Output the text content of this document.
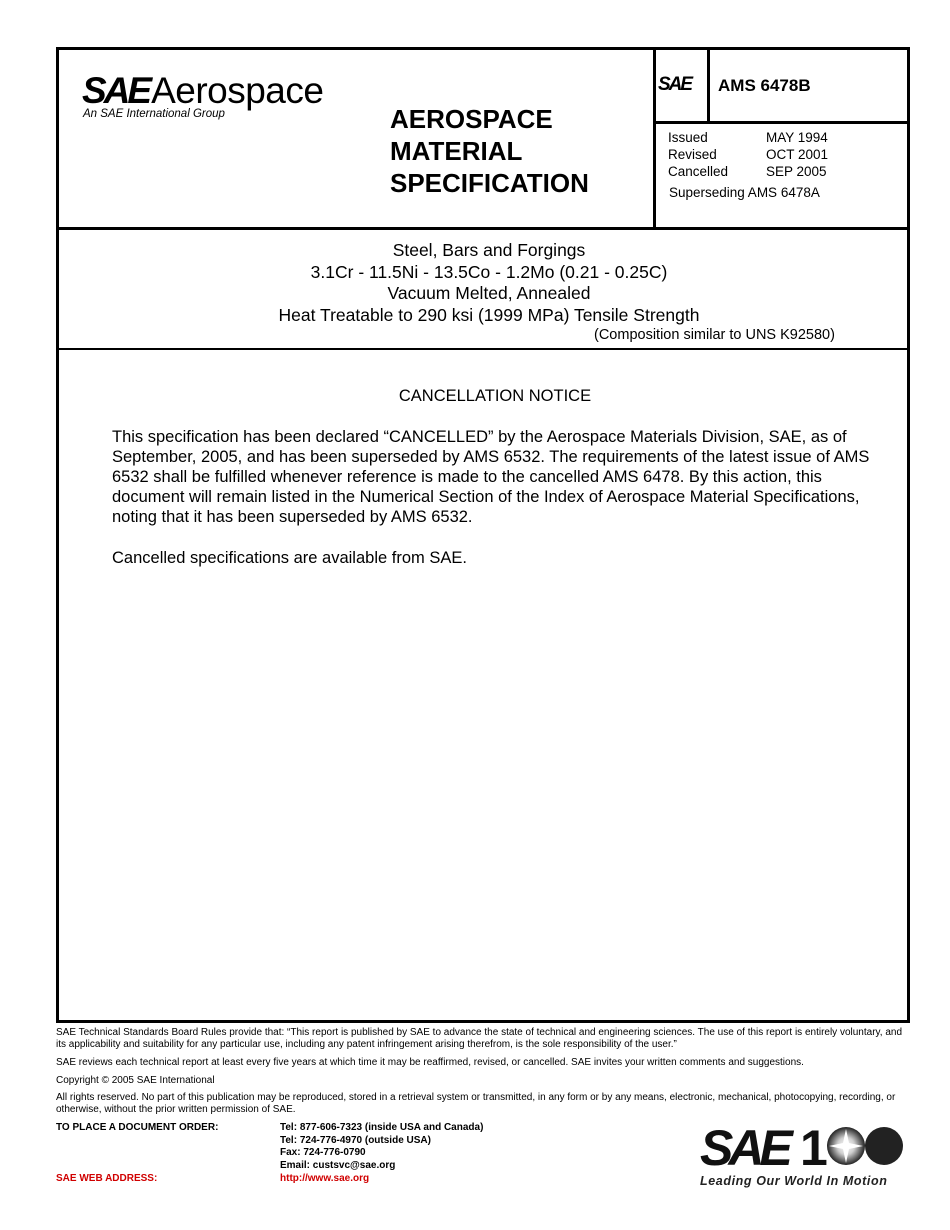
SAEAerospace
An SAE International Group	AEROSPACE
MATERIAL
SPECIFICATION
SAE AMS 6478B
Issued	MAY 1994
Revised	OCT 2001
Cancelled	SEP 2005
Superseding AMS 6478A
Steel, Bars and Forgings
3.1Cr - 11.5Ni - 13.5Co - 1.2Mo (0.21 - 0.25C)
Vacuum Melted, Annealed
Heat Treatable to 290 ksi (1999 MPa) Tensile Strength
(Composition similar to UNS K92580)
CANCELLATION NOTICE
This specification has been declared “CANCELLED” by the Aerospace Materials Division, SAE, as of September, 2005, and has been superseded by AMS 6532. The requirements of the latest issue of AMS 6532 shall be fulfilled whenever reference is made to the cancelled AMS 6478. By this action, this document will remain listed in the Numerical Section of the Index of Aerospace Material Specifications, noting that it has been superseded by AMS 6532.
Cancelled specifications are available from SAE.
SAE Technical Standards Board Rules provide that: “This report is published by SAE to advance the state of technical and engineering sciences. The use of this report is entirely voluntary, and its applicability and suitability for any particular use, including any patent infringement arising therefrom, is the sole responsibility of the user.”
SAE reviews each technical report at least every five years at which time it may be reaffirmed, revised, or cancelled. SAE invites your written comments and suggestions.
Copyright © 2005 SAE International
All rights reserved. No part of this publication may be reproduced, stored in a retrieval system or transmitted, in any form or by any means, electronic, mechanical, photocopying, recording, or otherwise, without the prior written permission of SAE.
TO PLACE A DOCUMENT ORDER:	Tel: 877-606-7323 (inside USA and Canada)
Tel: 724-776-4970 (outside USA)
Fax: 724-776-0790
Email: custsvc@sae.org
SAE WEB ADDRESS:	http://www.sae.org
SAE 1
Leading Our World In Motion
